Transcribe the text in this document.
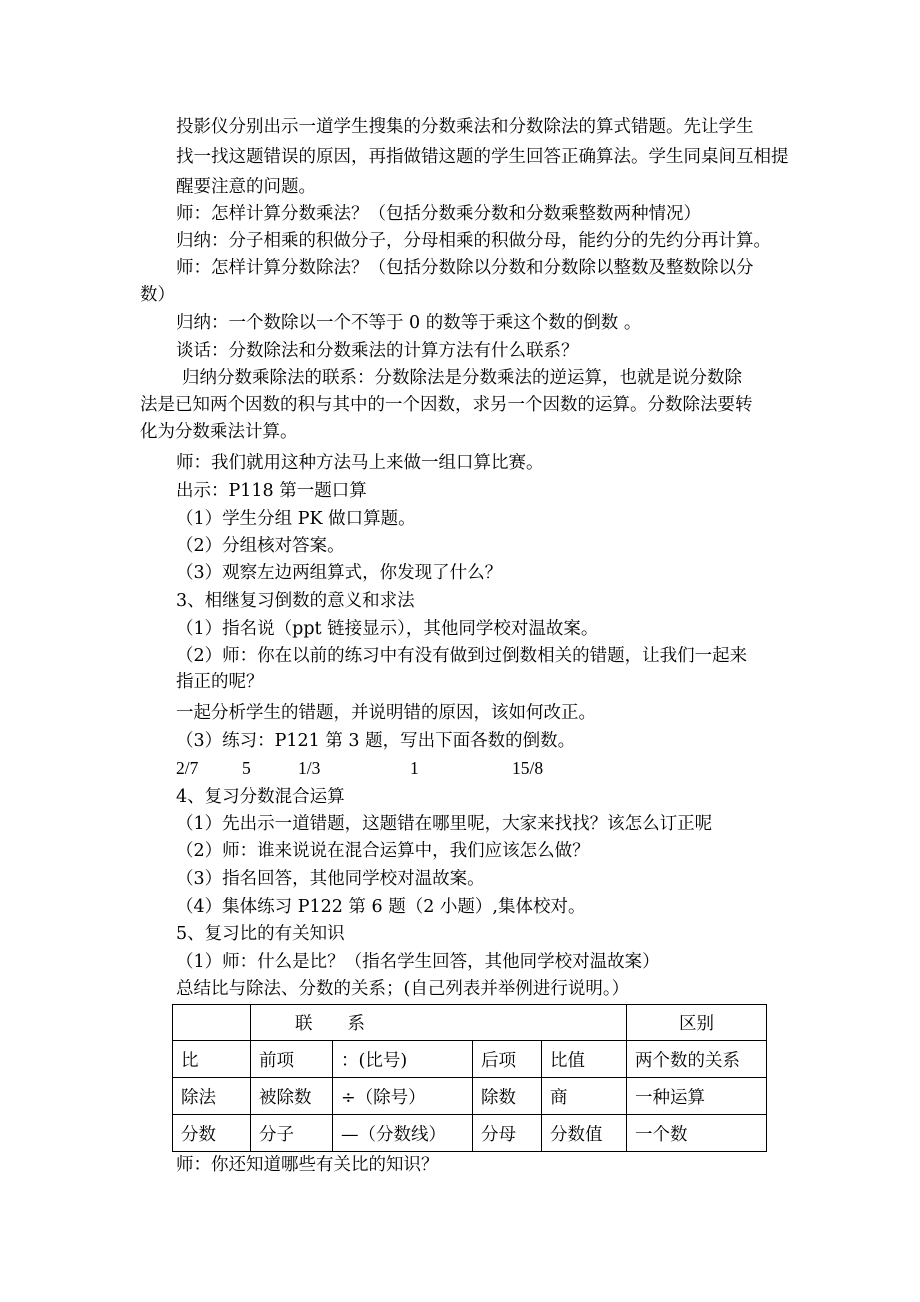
投影仪分别出示一道学生搜集的分数乘法和分数除法的算式错题。先让学生
找一找这题错误的原因，再指做错这题的学生回答正确算法。学生同桌间互相提
醒要注意的问题。
师：怎样计算分数乘法？（包括分数乘分数和分数乘整数两种情况）
归纳：分子相乘的积做分子，分母相乘的积做分母，能约分的先约分再计算。
师：怎样计算分数除法？（包括分数除以分数和分数除以整数及整数除以分
数）
归纳：一个数除以一个不等于 0 的数等于乘这个数的倒数 。
谈话：分数除法和分数乘法的计算方法有什么联系？
归纳分数乘除法的联系：分数除法是分数乘法的逆运算，也就是说分数除
法是已知两个因数的积与其中的一个因数，求另一个因数的运算。分数除法要转
化为分数乘法计算。
师：我们就用这种方法马上来做一组口算比赛。
出示：P118 第一题口算
（1）学生分组 PK 做口算题。
（2）分组核对答案。
（3）观察左边两组算式，你发现了什么？
3、相继复习倒数的意义和求法
（1）指名说（ppt 链接显示），其他同学校对温故案。
（2）师：你在以前的练习中有没有做到过倒数相关的错题，让我们一起来
指正的呢？
一起分析学生的错题，并说明错的原因，该如何改正。
（3）练习：P121 第 3 题，写出下面各数的倒数。
2/7 5	1/3	1	15/8
4、复习分数混合运算
（1）先出示一道错题，这题错在哪里呢，大家来找找？该怎么订正呢
（2）师：谁来说说在混合运算中，我们应该怎么做？
（3）指名回答，其他同学校对温故案。
（4）集体练习 P122 第 6 题（2 小题）,集体校对。
5、复习比的有关知识
（1）师：什么是比？（指名学生回答，其他同学校对温故案）
总结比与除法、分数的关系；(自己列表并举例进行说明。）
	联　　系				区别
比	前项	：(比号)	后项	比值	两个数的关系
除法	被除数	÷（除号）	除数	商	一种运算
分数	分子	—（分数线）	分母	分数值	一个数
师：你还知道哪些有关比的知识？
